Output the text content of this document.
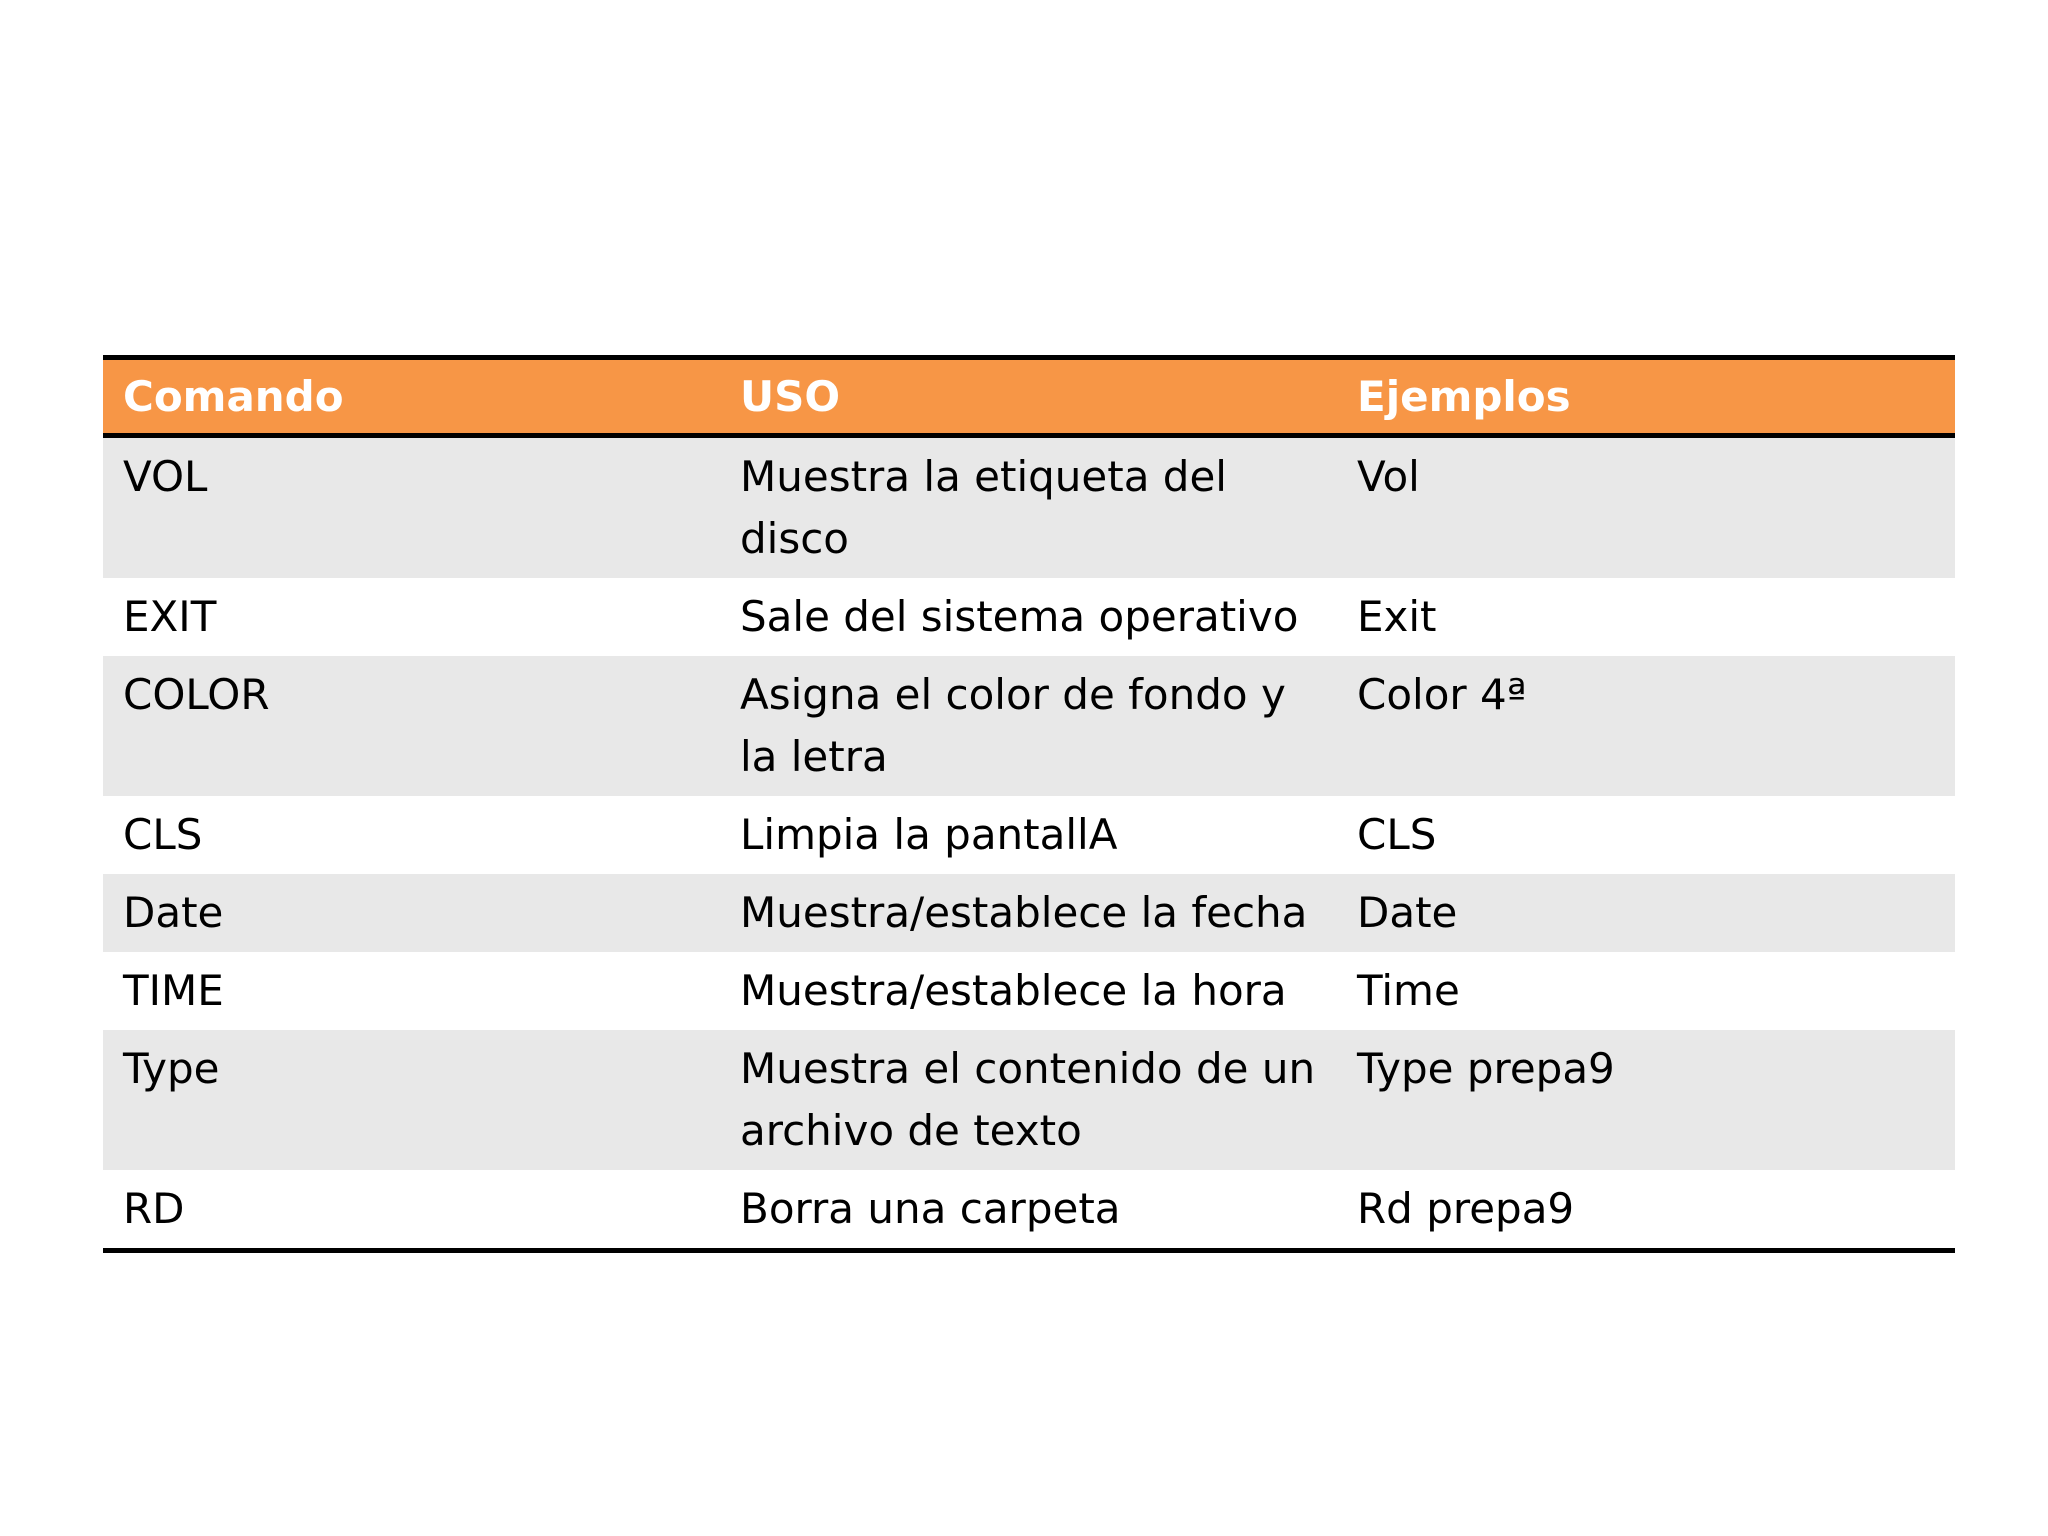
Comando	USO	Ejemplos
VOL	Muestra la etiqueta del disco	Vol
EXIT	Sale del sistema operativo	Exit
COLOR	Asigna el color de fondo y la letra	Color 4ª
CLS	Limpia la pantallA	CLS
Date	Muestra/establece la fecha	Date
TIME	Muestra/establece la hora	Time
Type	Muestra el contenido de un archivo de texto	Type prepa9
RD	Borra una carpeta	Rd prepa9
